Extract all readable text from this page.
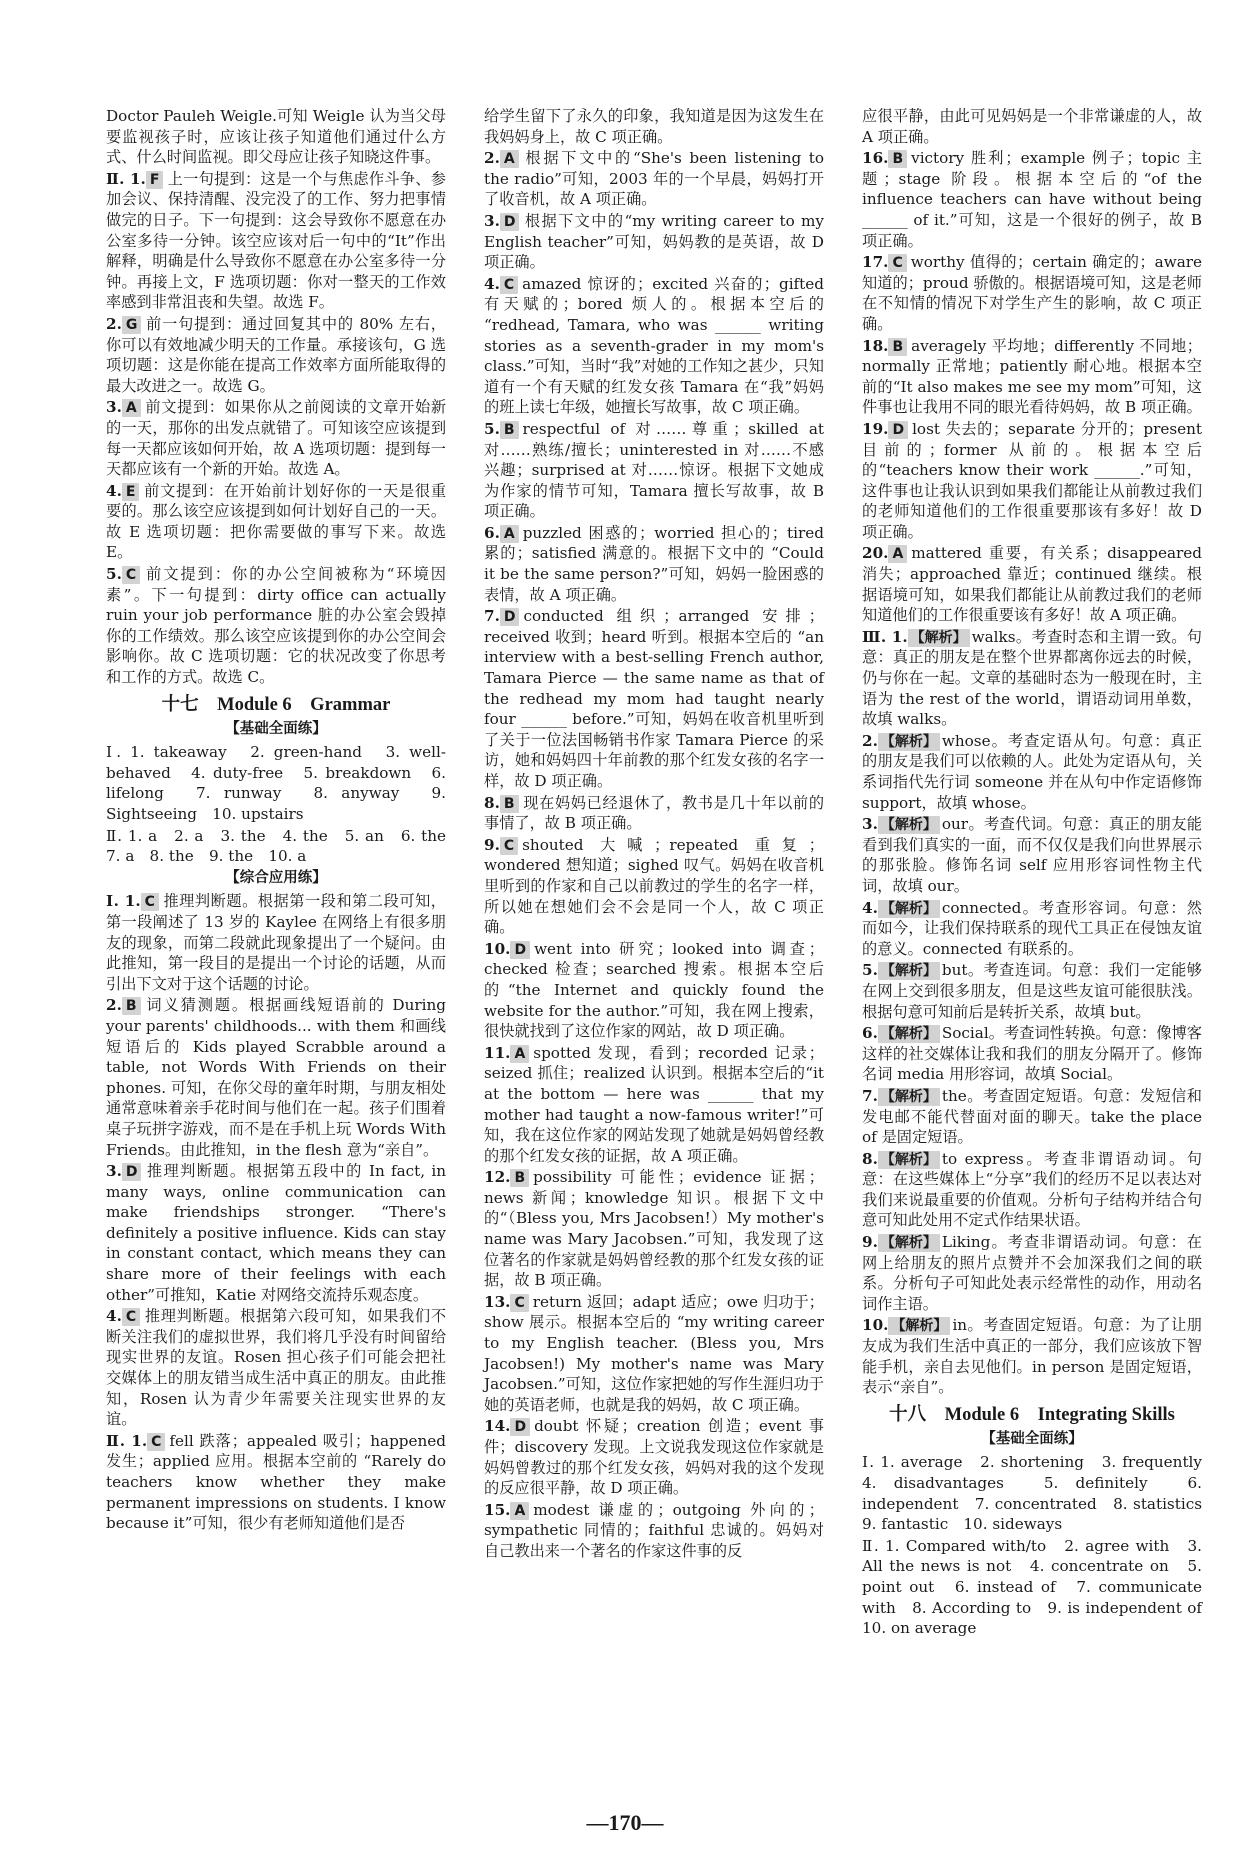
Doctor Pauleh Weigle.可知 Weigle 认为当父母要监视孩子时，应该让孩子知道他们通过什么方式、什么时间监视。即父母应让孩子知晓这件事。

Ⅱ. 1. F 上一句提到：这是一个与焦虑作斗争、参加会议、保持清醒、没完没了的工作、努力把事情做完的日子。下一句提到：这会导致你不愿意在办公室多待一分钟。该空应该对后一句中的“It”作出解释，明确是什么导致你不愿意在办公室多待一分钟。再接上文，F 选项切题：你对一整天的工作效率感到非常沮丧和失望。故选 F。

2. G 前一句提到：通过回复其中的 80% 左右，你可以有效地减少明天的工作量。承接该句，G 选项切题：这是你能在提高工作效率方面所能取得的最大改进之一。故选 G。

3. A 前文提到：如果你从之前阅读的文章开始新的一天，那你的出发点就错了。可知该空应该提到每一天都应该如何开始，故 A 选项切题：提到每一天都应该有一个新的开始。故选 A。

4. E 前文提到：在开始前计划好你的一天是很重要的。那么该空应该提到如何计划好自己的一天。故 E 选项切题：把你需要做的事写下来。故选 E。

5. C 前文提到：你的办公空间被称为“环境因素”。下一句提到：dirty office can actually ruin your job performance 脏的办公室会毁掉你的工作绩效。那么该空应该提到你的办公空间会影响你。故 C 选项切题：它的状况改变了你思考和工作的方式。故选 C。

十七　Module 6　Grammar
【基础全面练】

Ⅰ. 1. takeaway　2. green-hand　3. well-behaved　4. duty-free　5. breakdown　6. lifelong　7. runway　8. anyway　9. Sightseeing　10. upstairs

Ⅱ. 1. a　2. a　3. the　4. the　5. an　6. the　7. a　8. the　9. the　10. a

【综合应用练】

Ⅰ. 1. C 推理判断题。根据第一段和第二段可知，第一段阐述了 13 岁的 Kaylee 在网络上有很多朋友的现象，而第二段就此现象提出了一个疑问。由此推知，第一段目的是提出一个讨论的话题，从而引出下文对于这个话题的讨论。

2. B 词义猜测题。根据画线短语前的 During your parents' childhoods... with them 和画线短语后的 Kids played Scrabble around a table, not Words With Friends on their phones. 可知，在你父母的童年时期，与朋友相处通常意味着亲手花时间与他们在一起。孩子们围着桌子玩拼字游戏，而不是在手机上玩 Words With Friends。由此推知，in the flesh 意为“亲自”。

3. D 推理判断题。根据第五段中的 In fact, in many ways, online communication can make friendships stronger. “There's definitely a positive influence. Kids can stay in constant contact, which means they can share more of their feelings with each other”可推知，Katie 对网络交流持乐观态度。

4. C 推理判断题。根据第六段可知，如果我们不断关注我们的虚拟世界，我们将几乎没有时间留给现实世界的友谊。Rosen 担心孩子们可能会把社交媒体上的朋友错当成生活中真正的朋友。由此推知，Rosen 认为青少年需要关注现实世界的友谊。

Ⅱ. 1. C fell 跌落；appealed 吸引；happened 发生；applied 应用。根据本空前的 “Rarely do teachers know whether they make permanent impressions on students. I know because it”可知，很少有老师知道他们是否

给学生留下了永久的印象，我知道是因为这发生在我妈妈身上，故 C 项正确。

2. A 根据下文中的“She's been listening to the radio”可知，2003 年的一个早晨，妈妈打开了收音机，故 A 项正确。

3. D 根据下文中的“my writing career to my English teacher”可知，妈妈教的是英语，故 D 项正确。

4. C amazed 惊讶的；excited 兴奋的；gifted 有天赋的；bored 烦人的。根据本空后的 “redhead, Tamara, who was ______ writing stories as a seventh-grader in my mom's class.”可知，当时“我”对她的工作知之甚少，只知道有一个有天赋的红发女孩 Tamara 在“我”妈妈的班上读七年级，她擅长写故事，故 C 项正确。

5. B respectful of 对……尊重；skilled at 对……熟练/擅长；uninterested in 对……不感兴趣；surprised at 对……惊讶。根据下文她成为作家的情节可知，Tamara 擅长写故事，故 B 项正确。

6. A puzzled 困惑的；worried 担心的；tired 累的；satisfied 满意的。根据下文中的 “Could it be the same person?”可知，妈妈一脸困惑的表情，故 A 项正确。

7. D conducted 组织；arranged 安排；received 收到；heard 听到。根据本空后的 “an interview with a best-selling French author, Tamara Pierce — the same name as that of the redhead my mom had taught nearly four ______ before.”可知，妈妈在收音机里听到了关于一位法国畅销书作家 Tamara Pierce 的采访，她和妈妈四十年前教的那个红发女孩的名字一样，故 D 项正确。

8. B 现在妈妈已经退休了，教书是几十年以前的事情了，故 B 项正确。

9. C shouted 大喊；repeated 重复；wondered 想知道；sighed 叹气。妈妈在收音机里听到的作家和自己以前教过的学生的名字一样，所以她在想她们会不会是同一个人，故 C 项正确。

10. D went into 研究；looked into 调查；checked 检查；searched 搜索。根据本空后的“the Internet and quickly found the website for the author.”可知，我在网上搜索，很快就找到了这位作家的网站，故 D 项正确。

11. A spotted 发现，看到；recorded 记录；seized 抓住；realized 认识到。根据本空后的“it at the bottom — here was ______ that my mother had taught a now-famous writer!”可知，我在这位作家的网站发现了她就是妈妈曾经教的那个红发女孩的证据，故 A 项正确。

12. B possibility 可能性；evidence 证据；news 新闻；knowledge 知识。根据下文中的“（Bless you, Mrs Jacobsen!）My mother's name was Mary Jacobsen.”可知，我发现了这位著名的作家就是妈妈曾经教的那个红发女孩的证据，故 B 项正确。

13. C return 返回；adapt 适应；owe 归功于；show 展示。根据本空后的 “my writing career to my English teacher. (Bless you, Mrs Jacobsen!) My mother's name was Mary Jacobsen.”可知，这位作家把她的写作生涯归功于她的英语老师，也就是我的妈妈，故 C 项正确。

14. D doubt 怀疑；creation 创造；event 事件；discovery 发现。上文说我发现这位作家就是妈妈曾教过的那个红发女孩，妈妈对我的这个发现的反应很平静，故 D 项正确。

15. A modest 谦虚的；outgoing 外向的；sympathetic 同情的；faithful 忠诚的。妈妈对自己教出来一个著名的作家这件事的反

应很平静，由此可见妈妈是一个非常谦虚的人，故 A 项正确。

16. B victory 胜利；example 例子；topic 主题；stage 阶段。根据本空后的“of the influence teachers can have without being ______ of it.”可知，这是一个很好的例子，故 B 项正确。

17. C worthy 值得的；certain 确定的；aware 知道的；proud 骄傲的。根据语境可知，这是老师在不知情的情况下对学生产生的影响，故 C 项正确。

18. B averagely 平均地；differently 不同地；normally 正常地；patiently 耐心地。根据本空前的“It also makes me see my mom”可知，这件事也让我用不同的眼光看待妈妈，故 B 项正确。

19. D lost 失去的；separate 分开的；present 目前的；former 从前的。根据本空后的“teachers know their work ______.”可知，这件事也让我认识到如果我们都能让从前教过我们的老师知道他们的工作很重要那该有多好！故 D 项正确。

20. A mattered 重要，有关系；disappeared 消失；approached 靠近；continued 继续。根据语境可知，如果我们都能让从前教过我们的老师知道他们的工作很重要该有多好！故 A 项正确。

Ⅲ. 1. 【解析】 walks。考查时态和主谓一致。句意：真正的朋友是在整个世界都离你远去的时候，仍与你在一起。文章的基础时态为一般现在时，主语为 the rest of the world，谓语动词用单数，故填 walks。

2. 【解析】 whose。考查定语从句。句意：真正的朋友是我们可以依赖的人。此处为定语从句，关系词指代先行词 someone 并在从句中作定语修饰 support，故填 whose。

3. 【解析】 our。考查代词。句意：真正的朋友能看到我们真实的一面，而不仅仅是我们向世界展示的那张脸。修饰名词 self 应用形容词性物主代词，故填 our。

4. 【解析】 connected。考查形容词。句意：然而如今，让我们保持联系的现代工具正在侵蚀友谊的意义。connected 有联系的。

5. 【解析】 but。考查连词。句意：我们一定能够在网上交到很多朋友，但是这些友谊可能很肤浅。根据句意可知前后是转折关系，故填 but。

6. 【解析】 Social。考查词性转换。句意：像博客这样的社交媒体让我和我们的朋友分隔开了。修饰名词 media 用形容词，故填 Social。

7. 【解析】 the。考查固定短语。句意：发短信和发电邮不能代替面对面的聊天。take the place of 是固定短语。

8. 【解析】 to express。考查非谓语动词。句意：在这些媒体上“分享”我们的经历不足以表达对我们来说最重要的价值观。分析句子结构并结合句意可知此处用不定式作结果状语。

9. 【解析】 Liking。考查非谓语动词。句意：在网上给朋友的照片点赞并不会加深我们之间的联系。分析句子可知此处表示经常性的动作，用动名词作主语。

10. 【解析】 in。考查固定短语。句意：为了让朋友成为我们生活中真正的一部分，我们应该放下智能手机，亲自去见他们。in person 是固定短语，表示“亲自”。

十八　Module 6　Integrating Skills
【基础全面练】

Ⅰ. 1. average　2. shortening　3. frequently　4. disadvantages　5. definitely　6. independent　7. concentrated　8. statistics　9. fantastic　10. sideways

Ⅱ. 1. Compared with/to　2. agree with　3. All the news is not　4. concentrate on　5. point out　6. instead of　7. communicate with　8. According to　9. is independent of　10. on average

—170—
